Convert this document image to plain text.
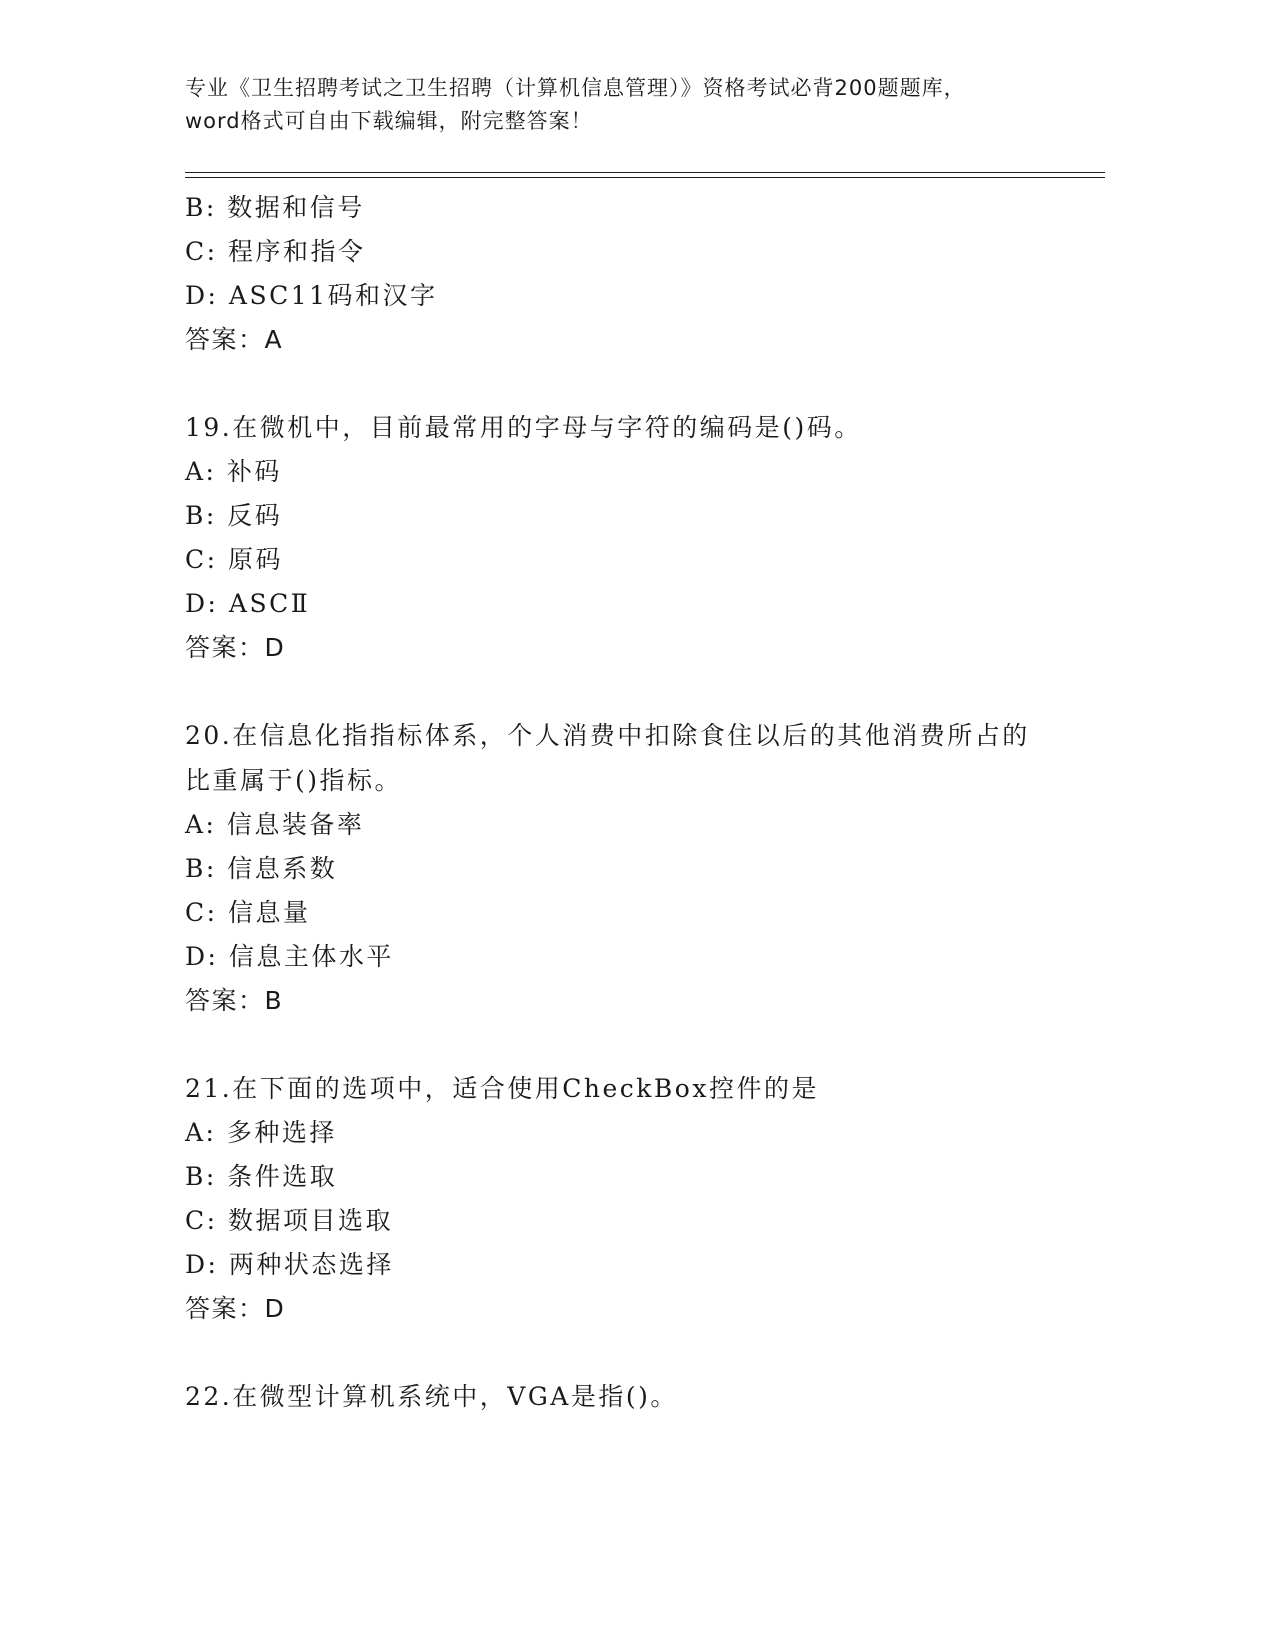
专业《卫生招聘考试之卫生招聘（计算机信息管理）》资格考试必背200题题库，
word格式可自由下载编辑，附完整答案！
B: 数据和信号
C: 程序和指令
D: ASC11码和汉字
答案：A
19.在微机中，目前最常用的字母与字符的编码是()码。
A: 补码
B: 反码
C: 原码
D: ASCⅡ
答案：D
20.在信息化指指标体系，个人消费中扣除食住以后的其他消费所占的
比重属于()指标。
A: 信息装备率
B: 信息系数
C: 信息量
D: 信息主体水平
答案：B
21.在下面的选项中，适合使用CheckBox控件的是
A: 多种选择
B: 条件选取
C: 数据项目选取
D: 两种状态选择
答案：D
22.在微型计算机系统中，VGA是指()。
